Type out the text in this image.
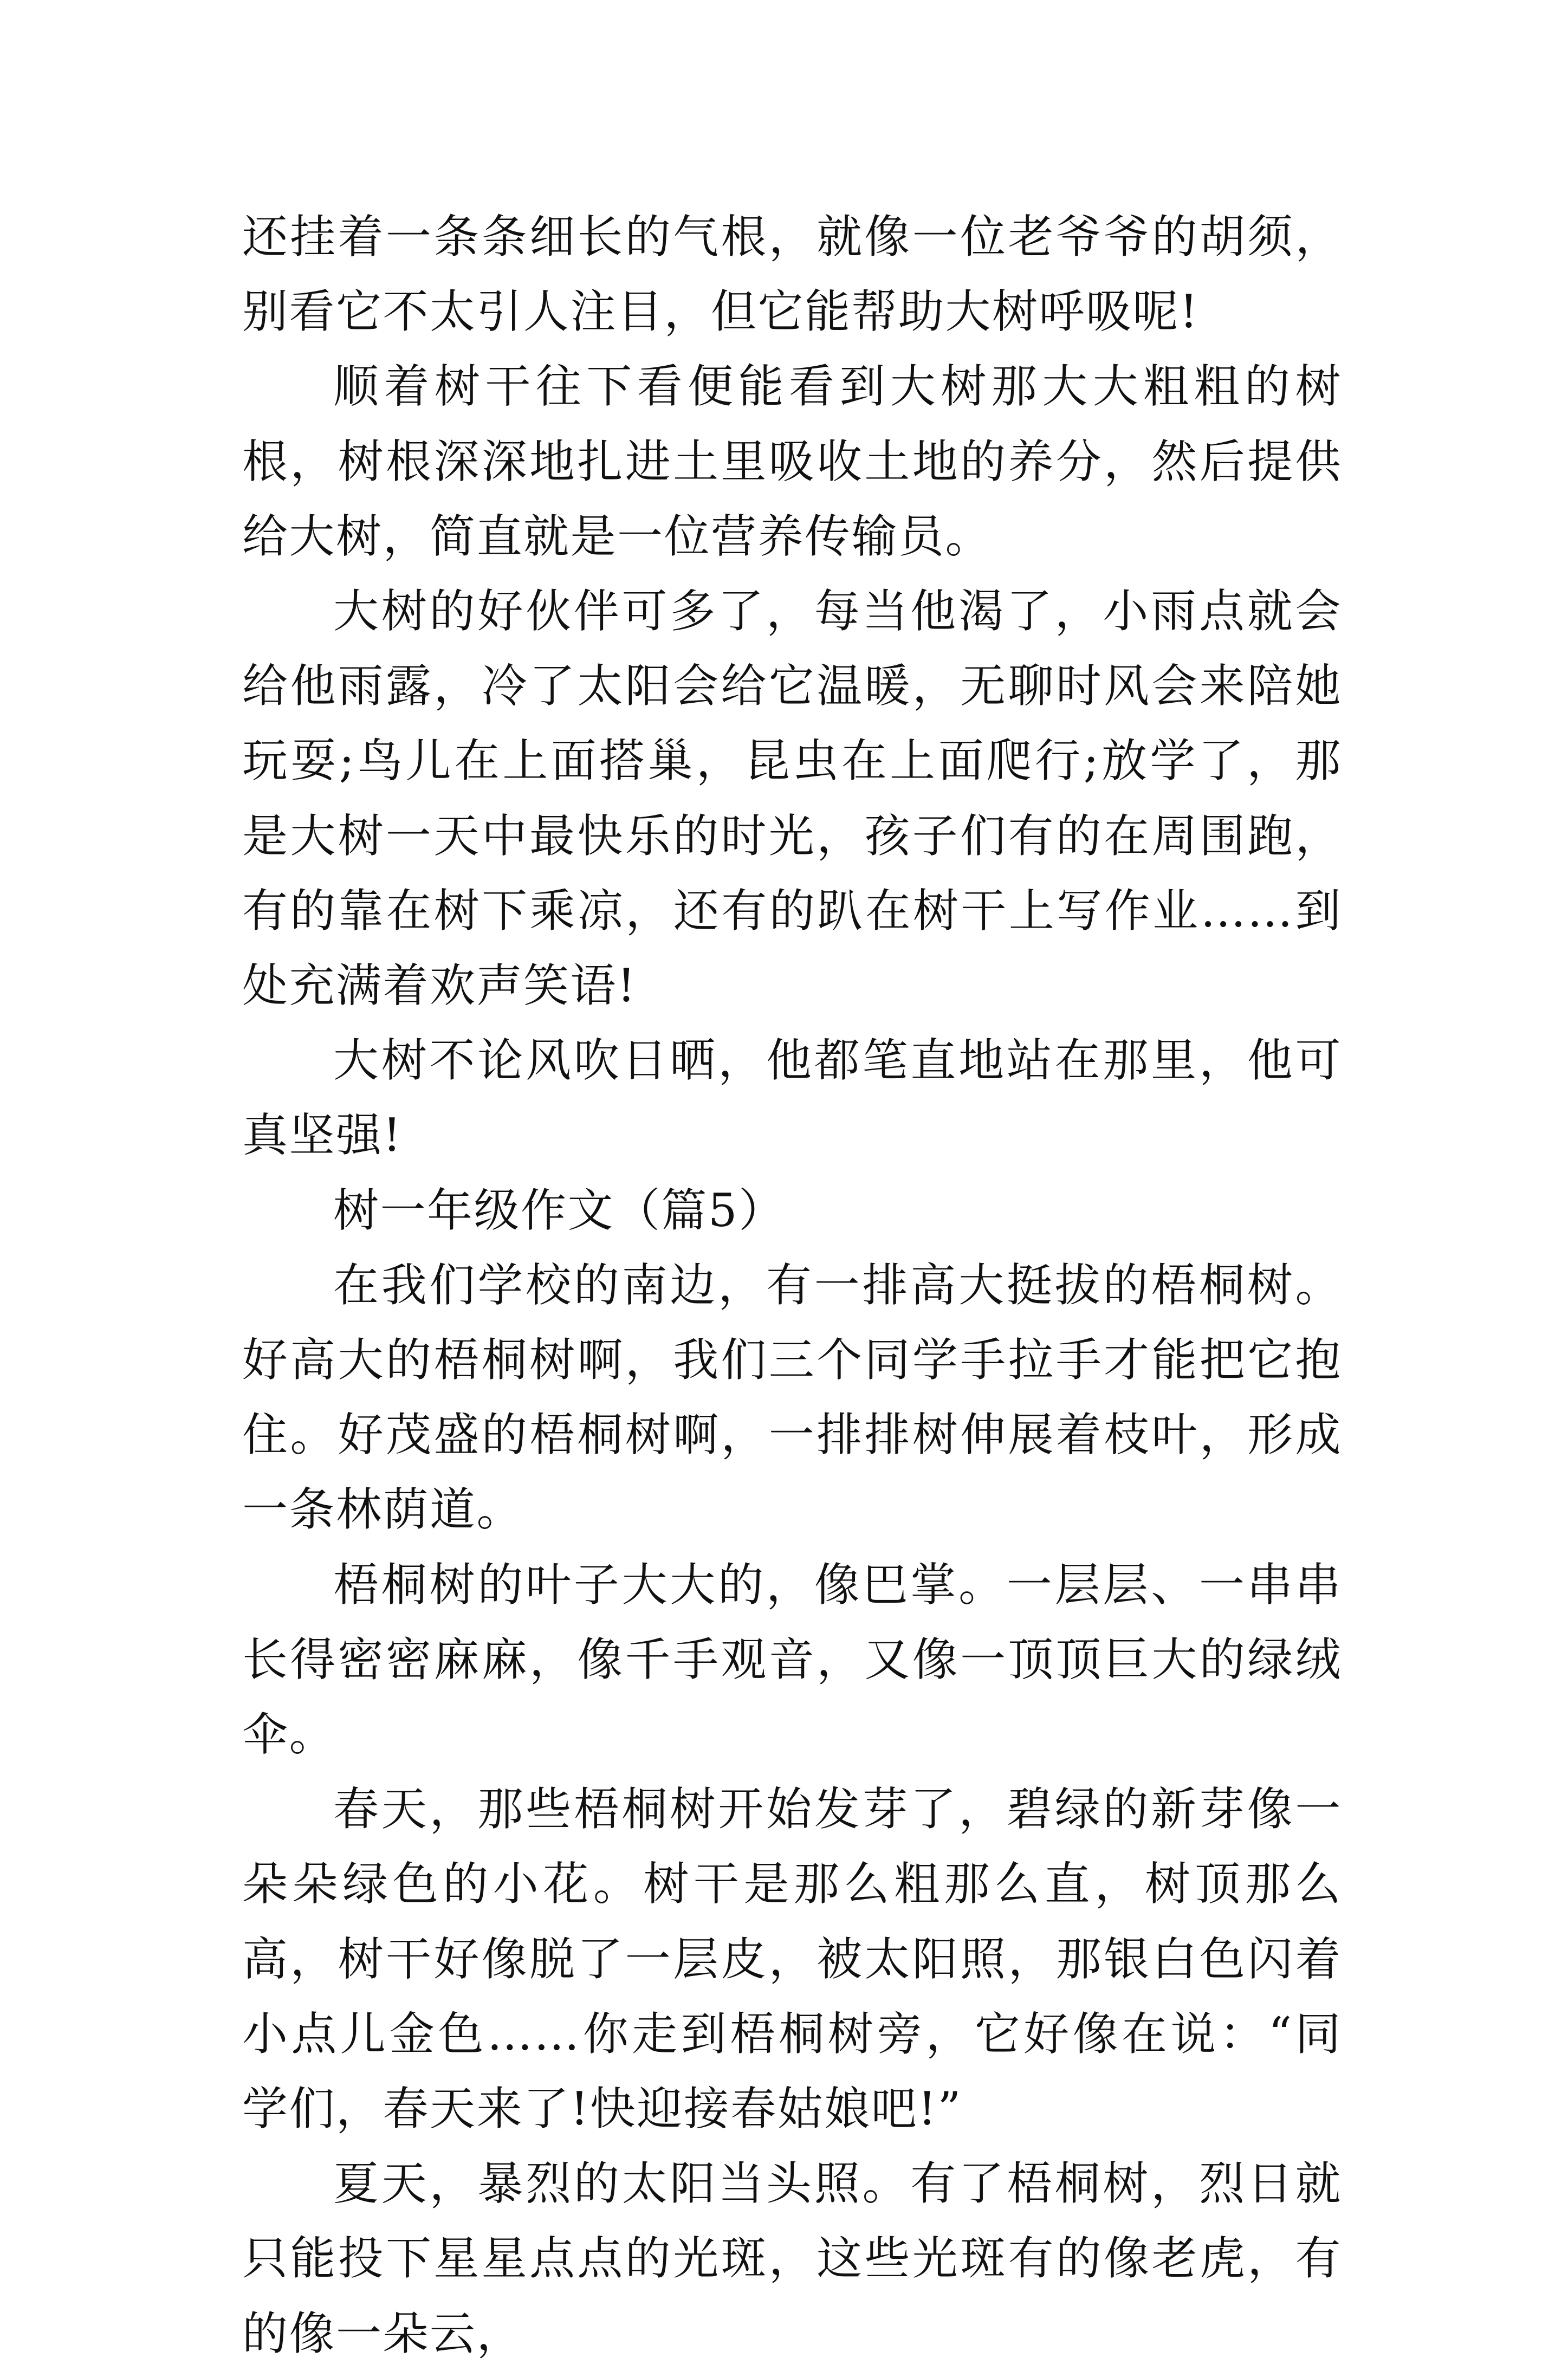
还挂着一条条细长的气根，就像一位老爷爷的胡须，别看它不太引人注目，但它能帮助大树呼吸呢!

顺着树干往下看便能看到大树那大大粗粗的树根，树根深深地扎进土里吸收土地的养分，然后提供给大树，简直就是一位营养传输员。

大树的好伙伴可多了，每当他渴了，小雨点就会给他雨露，冷了太阳会给它温暖，无聊时风会来陪她玩耍;鸟儿在上面搭巢，昆虫在上面爬行;放学了，那是大树一天中最快乐的时光，孩子们有的在周围跑，有的靠在树下乘凉，还有的趴在树干上写作业……到处充满着欢声笑语!

大树不论风吹日晒，他都笔直地站在那里，他可真坚强!

树一年级作文（篇5）

在我们学校的南边，有一排高大挺拔的梧桐树。好高大的梧桐树啊，我们三个同学手拉手才能把它抱住。好茂盛的梧桐树啊，一排排树伸展着枝叶，形成一条林荫道。

梧桐树的叶子大大的，像巴掌。一层层、一串串长得密密麻麻，像千手观音，又像一顶顶巨大的绿绒伞。

春天，那些梧桐树开始发芽了，碧绿的新芽像一朵朵绿色的小花。树干是那么粗那么直，树顶那么高，树干好像脱了一层皮，被太阳照，那银白色闪着小点儿金色……你走到梧桐树旁，它好像在说：“同学们，春天来了!快迎接春姑娘吧!”

夏天，暴烈的太阳当头照。有了梧桐树，烈日就只能投下星星点点的光斑，这些光斑有的像老虎，有的像一朵云，
